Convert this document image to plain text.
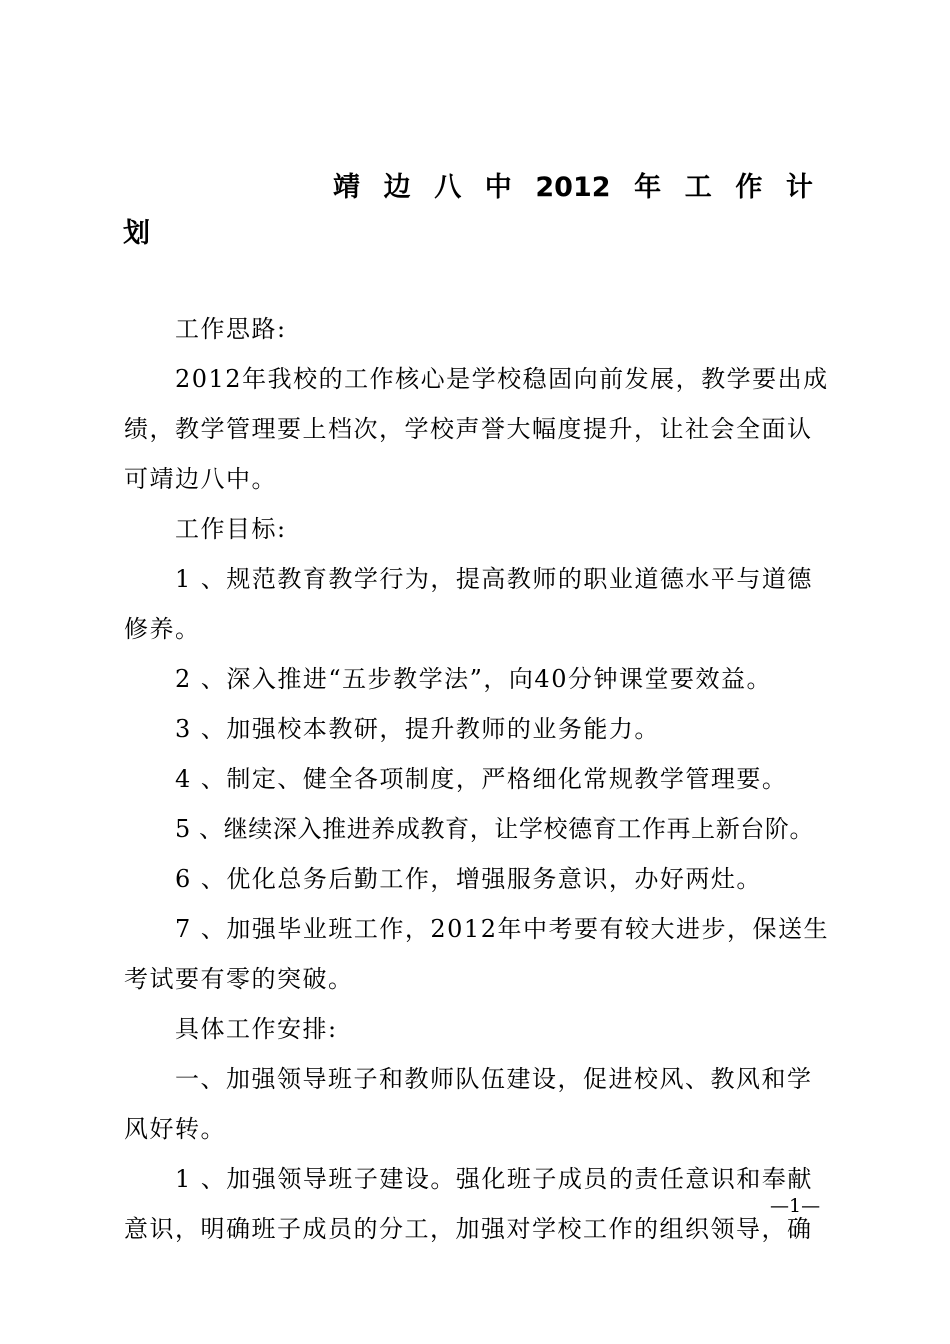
靖 边 八 中 2012 年 工 作 计
划

工作思路:

2012年我校的工作核心是学校稳固向前发展，教学要出成绩，教学管理要上档次，学校声誉大幅度提升，让社会全面认可靖边八中。

工作目标:

1 、规范教育教学行为，提高教师的职业道德水平与道德修养。

2 、深入推进“五步教学法”，向40分钟课堂要效益。

3 、加强校本教研，提升教师的业务能力。

4 、制定、健全各项制度，严格细化常规教学管理要。

5 、继续深入推进养成教育，让学校德育工作再上新台阶。

6 、优化总务后勤工作，增强服务意识，办好两灶。

7 、加强毕业班工作，2012年中考要有较大进步，保送生考试要有零的突破。

具体工作安排:

一、加强领导班子和教师队伍建设，促进校风、教风和学风好转。

1 、加强领导班子建设。强化班子成员的责任意识和奉献意识，明确班子成员的分工，加强对学校工作的组织领导，确

—1—
